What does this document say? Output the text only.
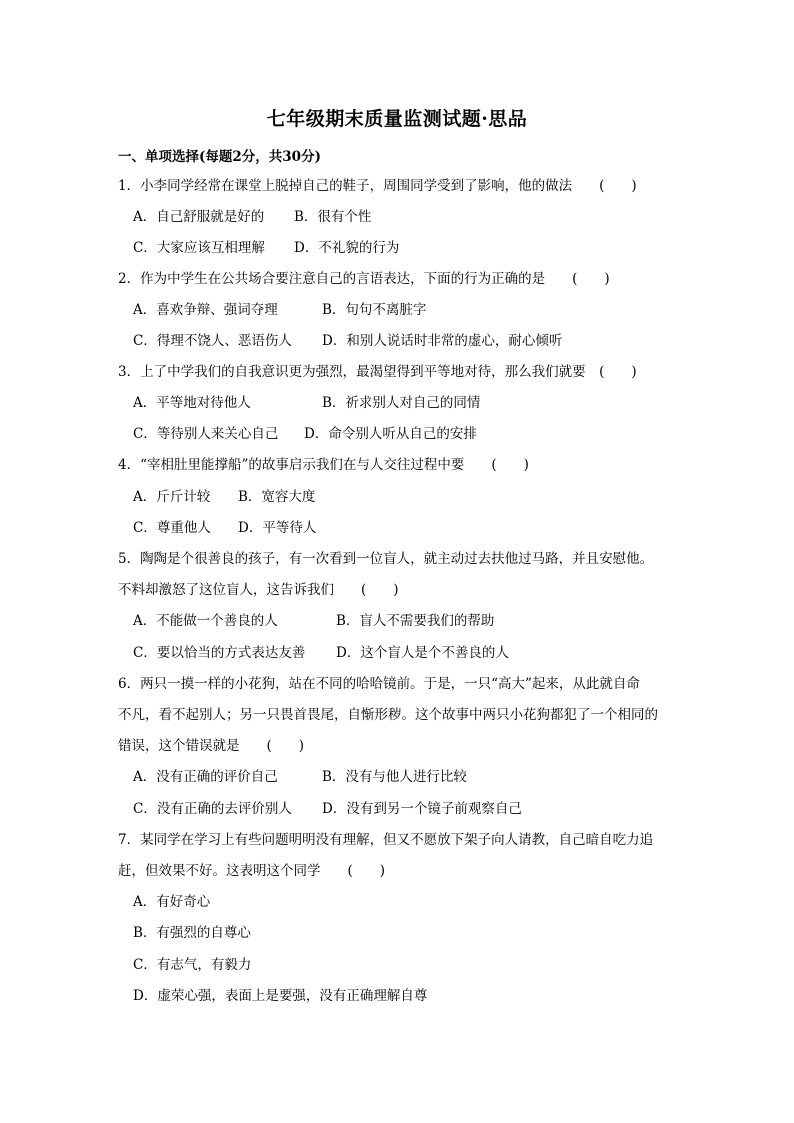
七年级期末质量监测试题·思品
一、单项选择(每题2分，共30分)
1．小李同学经常在课堂上脱掉自己的鞋子，周围同学受到了影响，他的做法　　(　　)
A．自己舒服就是好的 B．很有个性
C．大家应该互相理解 D．不礼貌的行为
2．作为中学生在公共场合要注意自己的言语表达，下面的行为正确的是　　(　　)
A．喜欢争辩、强词夺理	B．句句不离脏字
C．得理不饶人、恶语伤人 D．和别人说话时非常的虚心，耐心倾听
3．上了中学我们的自我意识更为强烈，最渴望得到平等地对待，那么我们就要　(　　)
A．平等地对待他人	B．祈求别人对自己的同情
C．等待别人来关心自己 D．命令别人听从自己的安排
4．“宰相肚里能撑船”的故事启示我们在与人交往过程中要　　(　　)
A．斤斤计较 B．宽容大度
C．尊重他人 D．平等待人
5．陶陶是个很善良的孩子，有一次看到一位盲人，就主动过去扶他过马路，并且安慰他。
不料却激怒了这位盲人，这告诉我们　　(　　)
A．不能做一个善良的人	B．盲人不需要我们的帮助
C．要以恰当的方式表达友善 D．这个盲人是个不善良的人
6．两只一摸一样的小花狗，站在不同的哈哈镜前。于是，一只“高大”起来，从此就自命
不凡，看不起别人；另一只畏首畏尾，自惭形秽。这个故事中两只小花狗都犯了一个相同的
错误，这个错误就是　　(　　)
A．没有正确的评价自己	B．没有与他人进行比较
C．没有正确的去评价别人 D．没有到另一个镜子前观察自己
7．某同学在学习上有些问题明明没有理解，但又不愿放下架子向人请教，自己暗自吃力追
赶，但效果不好。这表明这个同学　　(　　)
A．有好奇心
B．有强烈的自尊心
C．有志气，有毅力
D．虚荣心强，表面上是要强，没有正确理解自尊
